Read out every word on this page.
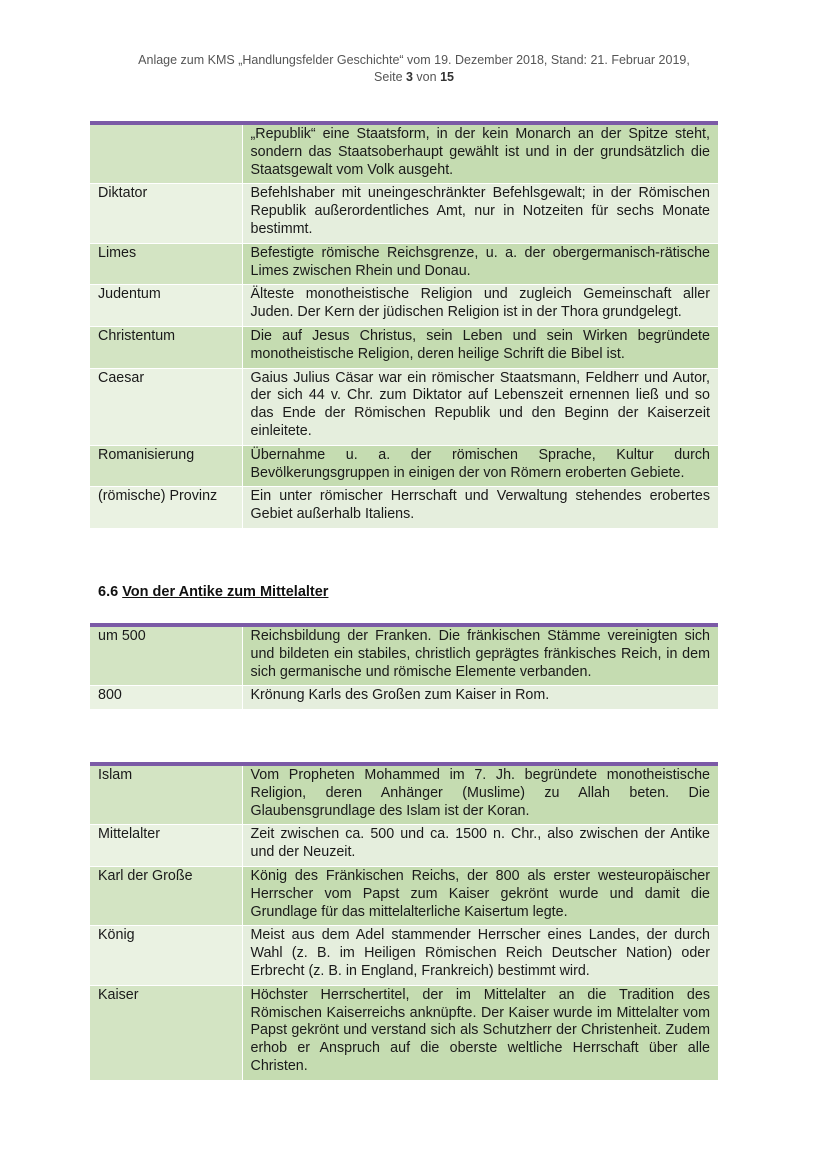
Anlage zum KMS „Handlungsfelder Geschichte“ vom 19. Dezember 2018, Stand: 21. Februar 2019,
Seite 3 von 15
	„Republik“ eine Staatsform, in der kein Monarch an der Spitze steht, sondern das Staatsoberhaupt gewählt ist und in der grundsätzlich die Staatsgewalt vom Volk ausgeht.
Diktator	Befehlshaber mit uneingeschränkter Befehlsgewalt; in der Römischen Republik außerordentliches Amt, nur in Notzeiten für sechs Monate bestimmt.
Limes	Befestigte römische Reichsgrenze, u. a. der obergermanisch-rätische Limes zwischen Rhein und Donau.
Judentum	Älteste monotheistische Religion und zugleich Gemeinschaft aller Juden. Der Kern der jüdischen Religion ist in der Thora grundgelegt.
Christentum	Die auf Jesus Christus, sein Leben und sein Wirken begründete monotheistische Religion, deren heilige Schrift die Bibel ist.
Caesar	Gaius Julius Cäsar war ein römischer Staatsmann, Feldherr und Autor, der sich 44 v. Chr. zum Diktator auf Lebenszeit ernennen ließ und so das Ende der Römischen Republik und den Beginn der Kaiserzeit einleitete.
Romanisierung	Übernahme u. a. der römischen Sprache, Kultur durch Bevölkerungsgruppen in einigen der von Römern eroberten Gebiete.
(römische) Provinz	Ein unter römischer Herrschaft und Verwaltung stehendes erobertes Gebiet außerhalb Italiens.
6.6 Von der Antike zum Mittelalter
um 500	Reichsbildung der Franken. Die fränkischen Stämme vereinigten sich und bildeten ein stabiles, christlich geprägtes fränkisches Reich, in dem sich germanische und römische Elemente verbanden.
800	Krönung Karls des Großen zum Kaiser in Rom.
Islam	Vom Propheten Mohammed im 7. Jh. begründete monotheistische Religion, deren Anhänger (Muslime) zu Allah beten. Die Glaubensgrundlage des Islam ist der Koran.
Mittelalter	Zeit zwischen ca. 500 und ca. 1500 n. Chr., also zwischen der Antike und der Neuzeit.
Karl der Große	König des Fränkischen Reichs, der 800 als erster westeuropäischer Herrscher vom Papst zum Kaiser gekrönt wurde und damit die Grundlage für das mittelalterliche Kaisertum legte.
König	Meist aus dem Adel stammender Herrscher eines Landes, der durch Wahl (z. B. im Heiligen Römischen Reich Deutscher Nation) oder Erbrecht (z. B. in England, Frankreich) bestimmt wird.
Kaiser	Höchster Herrschertitel, der im Mittelalter an die Tradition des Römischen Kaiserreichs anknüpfte. Der Kaiser wurde im Mittelalter vom Papst gekrönt und verstand sich als Schutzherr der Christenheit. Zudem erhob er Anspruch auf die oberste weltliche Herrschaft über alle Christen.
